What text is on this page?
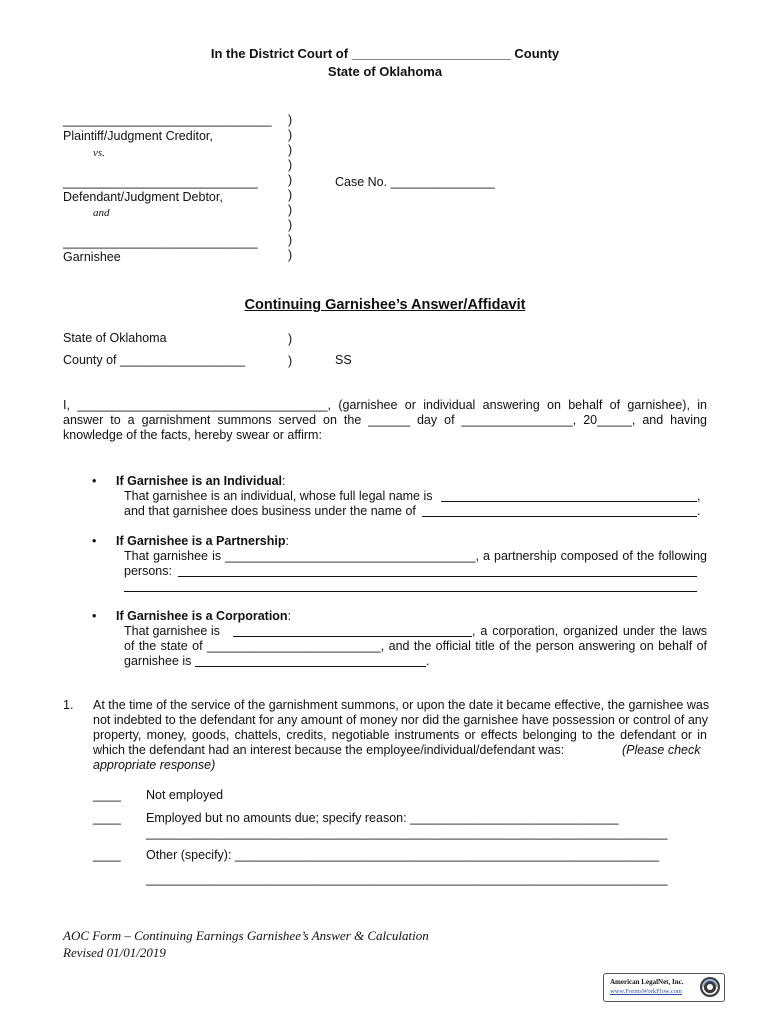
In the District Court of ______________________ County
State of Oklahoma
______________________________
Plaintiff/Judgment Creditor,
vs.
____________________________
Defendant/Judgment Debtor,
and
____________________________
Garnishee
)
)
)
)
)
)
)
)
)
)
Case No. _______________
Continuing Garnishee’s Answer/Affidavit
State of Oklahoma	)
County of __________________	)	SS
I, ____________________________________, (garnishee or individual answering on behalf of garnishee), in
answer to a garnishment summons served on the ______ day of ________________, 20_____, and having
knowledge of the facts, hereby swear or affirm:
• If Garnishee is an Individual:
That garnishee is an individual, whose full legal name is	,
and that garnishee does business under the name of	.
• If Garnishee is a Partnership:
That garnishee is ____________________________________, a partnership composed of the following
persons:
• If Garnishee is a Corporation:
That garnishee is	, a corporation, organized under the laws
of the state of _________________________, and the official title of the person answering on behalf of
garnishee is	.
1. At the time of the service of the garnishment summons, or upon the date it became effective, the garnishee was
not indebted to the defendant for any amount of money nor did the garnishee have possession or control of any
property, money, goods, chattels, credits, negotiable instruments or effects belonging to the defendant or in
which the defendant had an interest because the employee/individual/defendant was:	(Please check
appropriate response)
____ Not employed
____ Employed but no amounts due; specify reason: ______________________________
___________________________________________________________________________
____ Other (specify): _____________________________________________________________
___________________________________________________________________________
AOC Form – Continuing Earnings Garnishee’s Answer & Calculation
Revised 01/01/2019
American LegalNet, Inc.
www.FormsWorkFlow.com
